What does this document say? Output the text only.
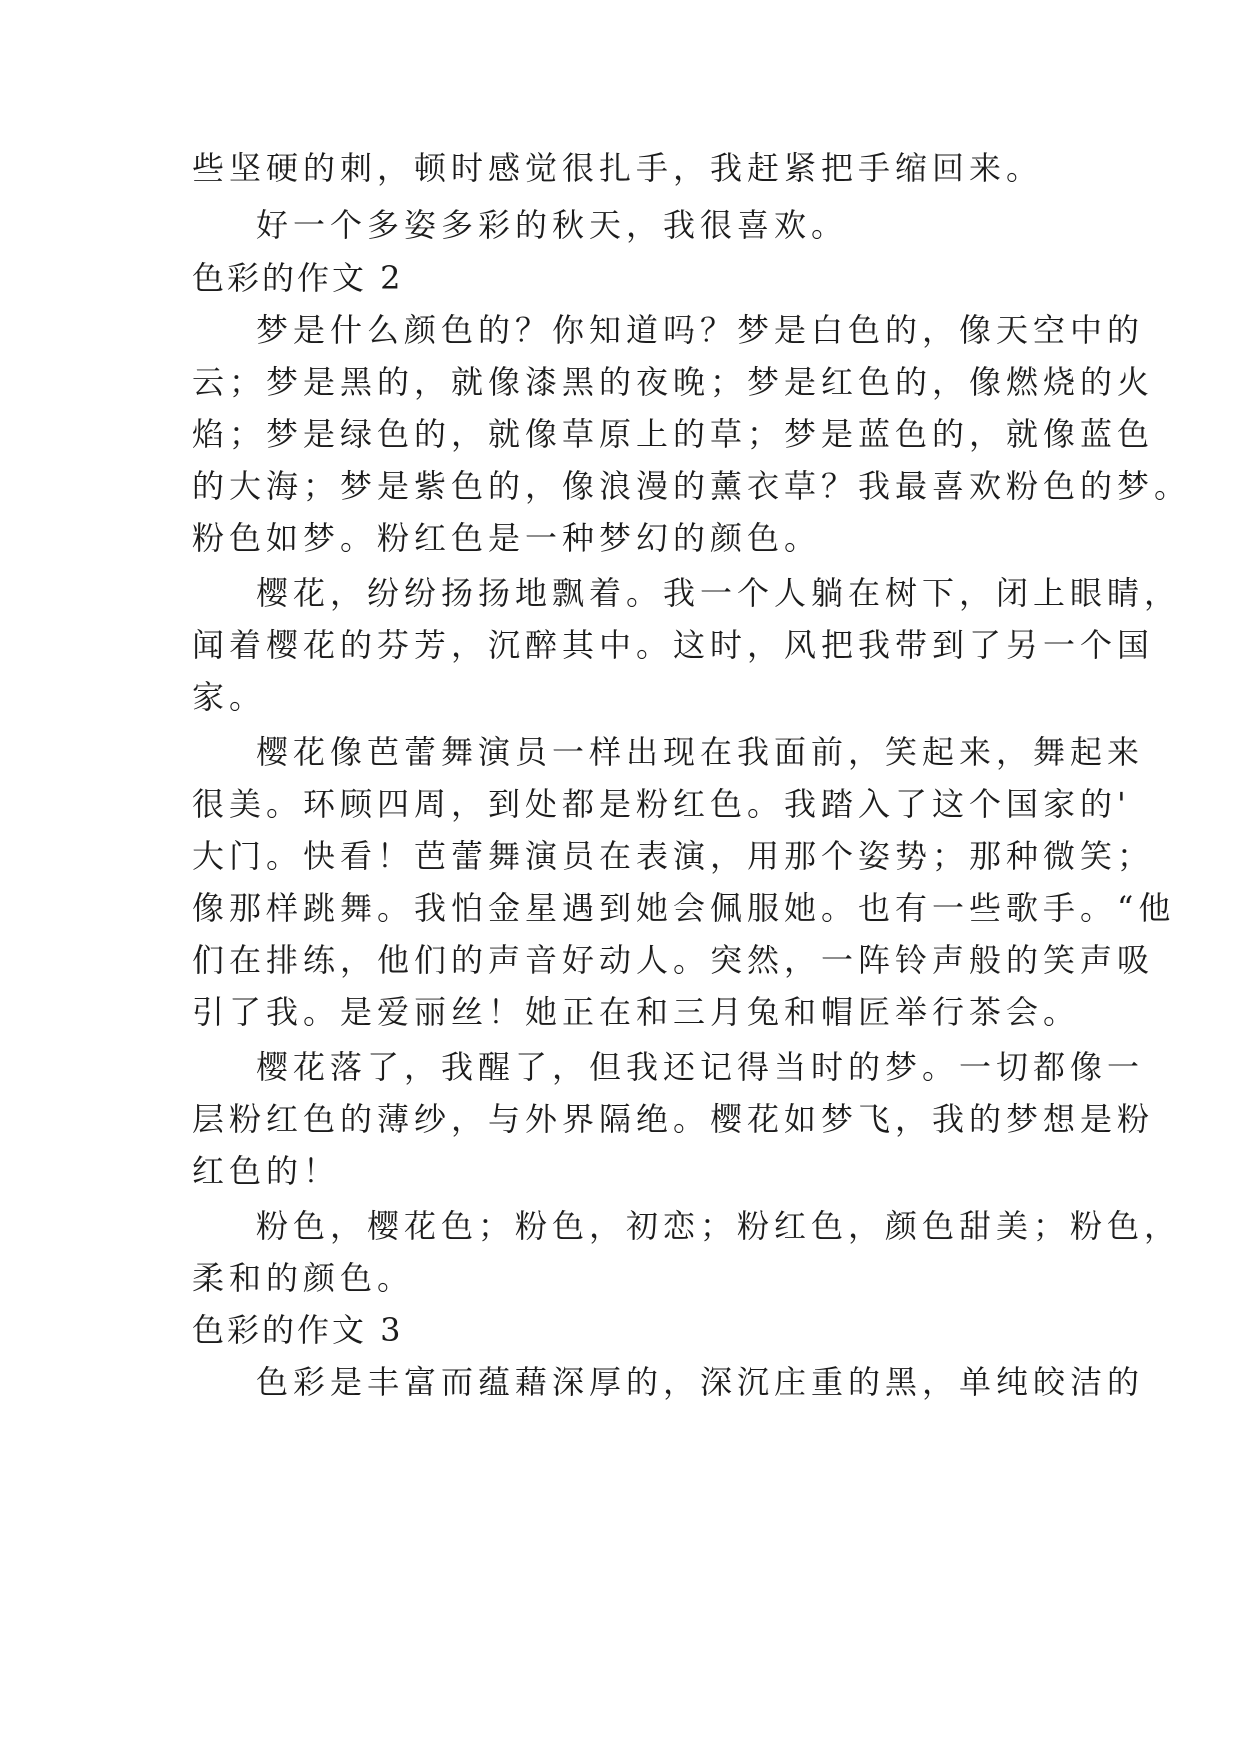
些坚硬的刺，顿时感觉很扎手，我赶紧把手缩回来。
好一个多姿多彩的秋天，我很喜欢。
色彩的作文 2
梦是什么颜色的？你知道吗？梦是白色的，像天空中的
云；梦是黑的，就像漆黑的夜晚；梦是红色的，像燃烧的火
焰；梦是绿色的，就像草原上的草；梦是蓝色的，就像蓝色
的大海；梦是紫色的，像浪漫的薰衣草？我最喜欢粉色的梦。
粉色如梦。粉红色是一种梦幻的颜色。
樱花，纷纷扬扬地飘着。我一个人躺在树下，闭上眼睛，
闻着樱花的芬芳，沉醉其中。这时，风把我带到了另一个国
家。
樱花像芭蕾舞演员一样出现在我面前，笑起来，舞起来
很美。环顾四周，到处都是粉红色。我踏入了这个国家的'
大门。快看！芭蕾舞演员在表演，用那个姿势；那种微笑；
像那样跳舞。我怕金星遇到她会佩服她。也有一些歌手。“他
们在排练，他们的声音好动人。突然，一阵铃声般的笑声吸
引了我。是爱丽丝！她正在和三月兔和帽匠举行茶会。
樱花落了，我醒了，但我还记得当时的梦。一切都像一
层粉红色的薄纱，与外界隔绝。樱花如梦飞，我的梦想是粉
红色的！
粉色，樱花色；粉色，初恋；粉红色，颜色甜美；粉色，
柔和的颜色。
色彩的作文 3
色彩是丰富而蕴藉深厚的，深沉庄重的黑，单纯皎洁的
